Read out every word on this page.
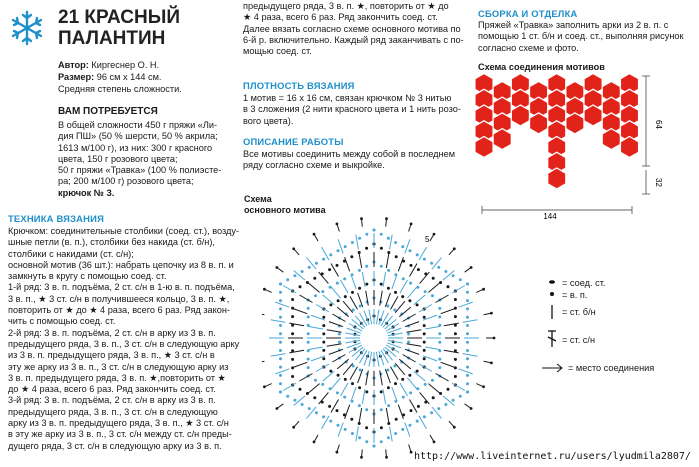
21 КРАСНЫЙ
ПАЛАНТИН
Автор: Киргеснер О. Н.
Размер: 96 см х 144 см.
Средняя степень сложности.
ВАМ ПОТРЕБУЕТСЯ
В общей сложности 450 г пряжи «Ли-
дия ПШ» (50 % шерсти, 50 % акрила;
1613 м/100 г), из них: 300 г красного
цвета, 150 г розового цвета;
50 г пряжи «Травка» (100 % полиэсте-
ра; 200 м/100 г) розового цвета;
крючок № 3.
ТЕХНИКА ВЯЗАНИЯ
Крючком: соединительные столбики (соед. ст.), возду-
шные петли (в. п.), столбики без накида (ст. б/н),
столбики с накидами (ст. с/н);
основной мотив (36 шт.): набрать цепочку из 8 в. п. и
замкнуть в кругу с помощью соед. ст.
1-й ряд: 3 в. п. подъёма, 2 ст. с/н в 1-ю в. п. подъёма,
3 в. п., ★ 3 ст. с/н в получившееся кольцо, 3 в. п. ★,
повторить от ★ до ★ 4 раза, всего 6 раз. Ряд закон-
чить с помощью соед. ст.
2-й ряд: 3 в. п. подъёма, 2 ст. с/н в арку из 3 в. п.
предыдущего ряда, 3 в. п., 3 ст. с/н в следующую арку
из 3 в. п. предыдущего ряда, 3 в. п., ★ 3 ст. с/н в
эту же арку из 3 в. п., 3 ст. с/н в следующую арку из
3 в. п. предыдущего ряда, 3 в. п. ★,повторить от ★
до ★ 4 раза, всего 6 раз. Ряд закончить соед. ст.
3-й ряд: 3 в. п. подъёма, 2 ст. с/н в арку из 3 в. п.
предыдущего ряда, 3 в. п., 3 ст. с/н в следующую
арку из 3 в. п. предыдущего ряда, 3 в. п., ★ 3 ст. с/н
в эту же арку из 3 в. п., 3 ст. с/н между ст. с/н преды-
дущего ряда, 3 ст. с/н в следующую арку из 3 в. п.
предыдущего ряда, 3 в. п. ★, повторить от ★ до
★ 4 раза, всего 6 раз. Ряд закончить соед. ст.
Далее вязать согласно схеме основного мотива по
6-й р. включительно. Каждый ряд заканчивать с по-
мощью соед. ст.
ПЛОТНОСТЬ ВЯЗАНИЯ
1 мотив = 16 х 16 см, связан крючком № 3 нитью
в 3 сложения (2 нити красного цвета и 1 нить розо-
вого цвета).
ОПИСАНИЕ РАБОТЫ
Все мотивы соединить между собой в последнем
ряду согласно схеме и выкройке.
СБОРКА И ОТДЕЛКА
Пряжей «Травка» заполнить арки из 2 в. п. с
помощью 1 ст. б/н и соед. ст., выполняя рисунок
согласно схеме и фото.
Схема соединения мотивов
144
64
32
Схема
основного мотива
5
= соед. ст.
= в. п.
= ст. б/н
= ст. с/н
= место соединения
http://www.liveinternet.ru/users/lyudmila2807/
